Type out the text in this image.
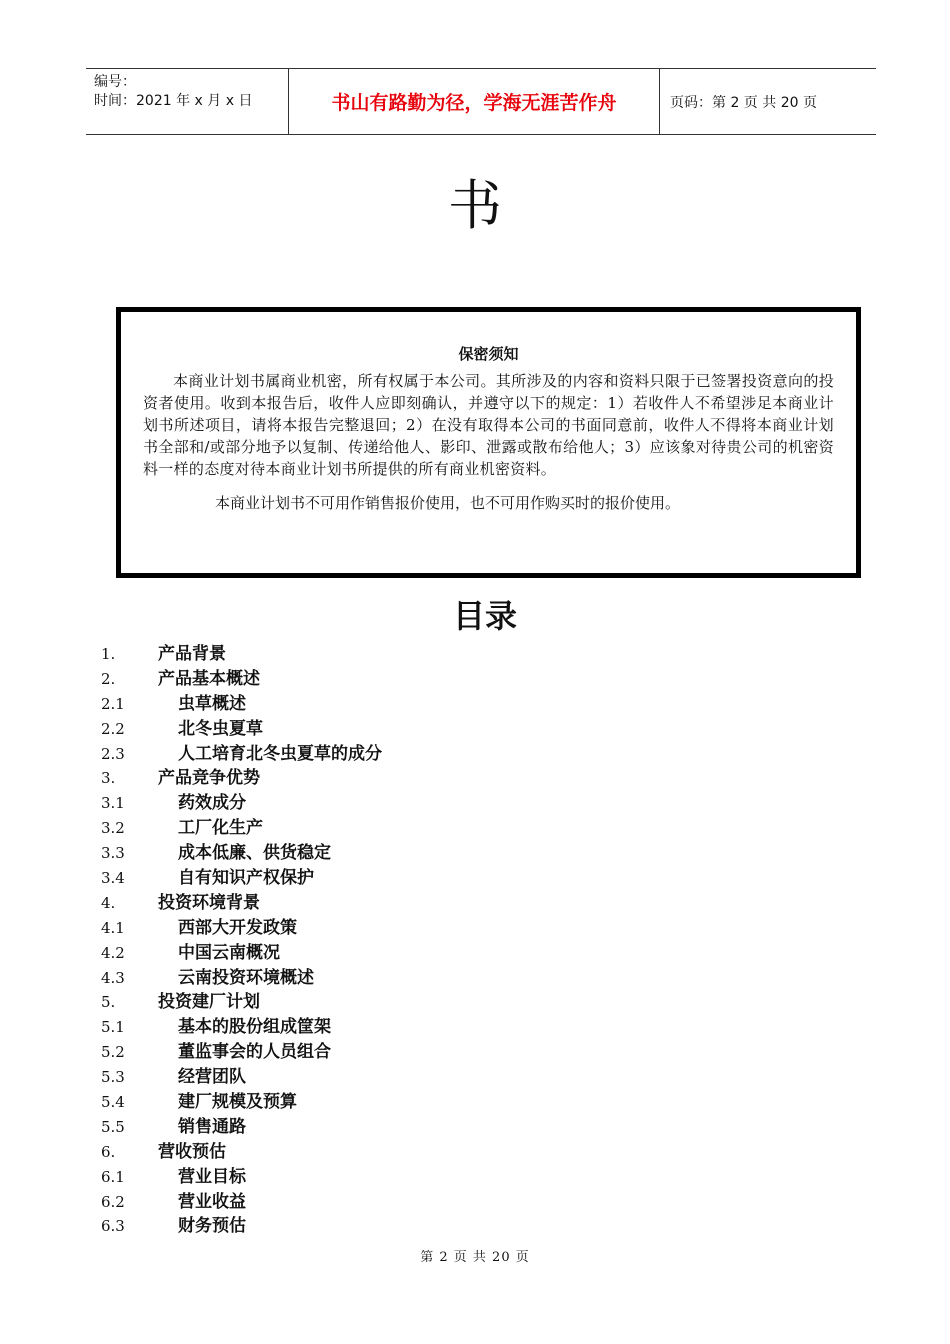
编号：
时间：2021 年 x 月 x 日	书山有路勤为径，学海无涯苦作舟	页码：第 2 页 共 20 页
书
保密须知
本商业计划书属商业机密，所有权属于本公司。其所涉及的内容和资料只限于已签署投资意向的投资者使用。收到本报告后，收件人应即刻确认，并遵守以下的规定：1）若收件人不希望涉足本商业计划书所述项目，请将本报告完整退回；2）在没有取得本公司的书面同意前，收件人不得将本商业计划书全部和/或部分地予以复制、传递给他人、影印、泄露或散布给他人；3）应该象对待贵公司的机密资料一样的态度对待本商业计划书所提供的所有商业机密资料。
本商业计划书不可用作销售报价使用，也不可用作购买时的报价使用。
目录
1.	产品背景
2.	产品基本概述
2.1	虫草概述
2.2	北冬虫夏草
2.3	人工培育北冬虫夏草的成分
3.	产品竞争优势
3.1	药效成分
3.2	工厂化生产
3.3	成本低廉、供货稳定
3.4	自有知识产权保护
4.	投资环境背景
4.1	西部大开发政策
4.2	中国云南概况
4.3	云南投资环境概述
5.	投资建厂计划
5.1	基本的股份组成筐架
5.2	董监事会的人员组合
5.3	经营团队
5.4	建厂规模及预算
5.5	销售通路
6.	营收预估
6.1	营业目标
6.2	营业收益
6.3	财务预估
第 2 页 共 20 页
